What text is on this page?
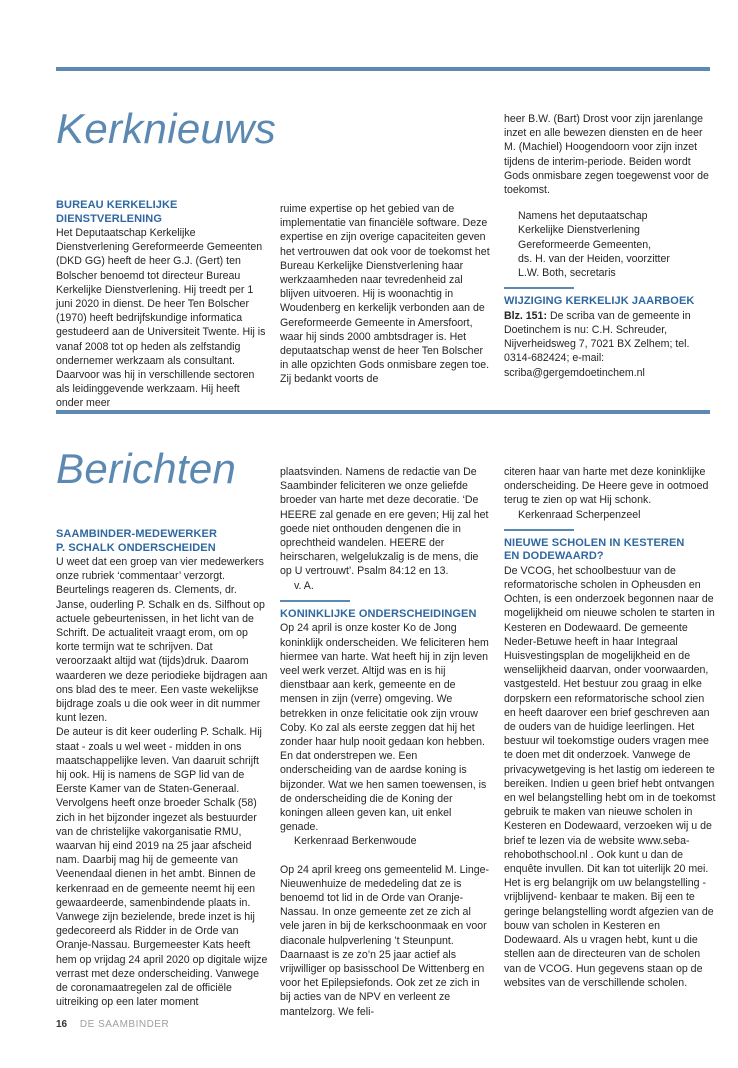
Kerknieuws
BUREAU KERKELIJKE DIENSTVERLENING

Het Deputaatschap Kerkelijke Dienstverlening Gereformeerde Gemeenten (DKD GG) heeft de heer G.J. (Gert) ten Bolscher benoemd tot directeur Bureau Kerkelijke Dienstverlening. Hij treedt per 1 juni 2020 in dienst. De heer Ten Bolscher (1970) heeft bedrijfskundige informatica gestudeerd aan de Universiteit Twente. Hij is vanaf 2008 tot op heden als zelfstandig ondernemer werkzaam als consultant. Daarvoor was hij in verschillende sectoren als leidinggevende werkzaam. Hij heeft onder meer

ruime expertise op het gebied van de implementatie van financiële software. Deze expertise en zijn overige capaciteiten geven het vertrouwen dat ook voor de toekomst het Bureau Kerkelijke Dienstverlening haar werkzaamheden naar tevredenheid zal blijven uitvoeren. Hij is woonachtig in Woudenberg en kerkelijk verbonden aan de Gereformeerde Gemeente in Amersfoort, waar hij sinds 2000 ambtsdrager is. Het deputaatschap wenst de heer Ten Bolscher in alle opzichten Gods onmisbare zegen toe. Zij bedankt voorts de

heer B.W. (Bart) Drost voor zijn jarenlange inzet en alle bewezen diensten en de heer M. (Machiel) Hoogendoorn voor zijn inzet tijdens de interim-periode. Beiden wordt Gods onmisbare zegen toegewenst voor de toekomst.

Namens het deputaatschap

Kerkelijke Dienstverlening

Gereformeerde Gemeenten,

ds. H. van der Heiden, voorzitter

L.W. Both, secretaris

WIJZIGING KERKELIJK JAARBOEK

Blz. 151: De scriba van de gemeente in Doetinchem is nu: C.H. Schreuder, Nijverheidsweg 7, 7021 BX Zelhem; tel. 0314-682424; e-mail: scriba@gergemdoetinchem.nl

Berichten
SAAMBINDER-MEDEWERKER
P. SCHALK ONDERSCHEIDEN

U weet dat een groep van vier medewerkers onze rubriek ‘commentaar’ verzorgt. Beurtelings reageren ds. Clements, dr. Janse, ouderling P. Schalk en ds. Silfhout op actuele gebeurtenissen, in het licht van de Schrift. De actualiteit vraagt erom, om op korte termijn wat te schrijven. Dat veroorzaakt altijd wat (tijds)druk. Daarom waarderen we deze periodieke bijdragen aan ons blad des te meer. Een vaste wekelijkse bijdrage zoals u die ook weer in dit nummer kunt lezen.

De auteur is dit keer ouderling P. Schalk. Hij staat - zoals u wel weet - midden in ons maatschappelijke leven. Van daaruit schrijft hij ook. Hij is namens de SGP lid van de Eerste Kamer van de Staten-Generaal. Vervolgens heeft onze broeder Schalk (58) zich in het bijzonder ingezet als bestuurder van de christelijke vakorganisatie RMU, waarvan hij eind 2019 na 25 jaar afscheid nam. Daarbij mag hij de gemeente van Veenendaal dienen in het ambt. Binnen de kerkenraad en de gemeente neemt hij een gewaardeerde, samenbindende plaats in. Vanwege zijn bezielende, brede inzet is hij gedecoreerd als Ridder in de Orde van Oranje-Nassau. Burgemeester Kats heeft hem op vrijdag 24 april 2020 op digitale wijze verrast met deze onderscheiding. Vanwege de coronamaatregelen zal de officiële uitreiking op een later moment

plaatsvinden. Namens de redactie van De Saambinder feliciteren we onze geliefde broeder van harte met deze decoratie. ‘De HEERE zal genade en ere geven; Hij zal het goede niet onthouden dengenen die in oprechtheid wandelen. HEERE der heirscharen, welgelukzalig is de mens, die op U vertrouwt’. Psalm 84:12 en 13.

v. A.

KONINKLIJKE ONDERSCHEIDINGEN

Op 24 april is onze koster Ko de Jong koninklijk onderscheiden. We feliciteren hem hiermee van harte. Wat heeft hij in zijn leven veel werk verzet. Altijd was en is hij dienstbaar aan kerk, gemeente en de mensen in zijn (verre) omgeving. We betrekken in onze felicitatie ook zijn vrouw Coby. Ko zal als eerste zeggen dat hij het zonder haar hulp nooit gedaan kon hebben. En dat onderstrepen we. Een onderscheiding van de aardse koning is bijzonder. Wat we hen samen toewensen, is de onderscheiding die de Koning der koningen alleen geven kan, uit enkel genade.

Kerkenraad Berkenwoude

Op 24 april kreeg ons gemeentelid M. Linge-Nieuwenhuize de mededeling dat ze is benoemd tot lid in de Orde van Oranje-Nassau. In onze gemeente zet ze zich al vele jaren in bij de kerkschoonmaak en voor diaconale hulpverlening ’t Steunpunt. Daarnaast is ze zo’n 25 jaar actief als vrijwilliger op basisschool De Wittenberg en voor het Epilepsiefonds. Ook zet ze zich in bij acties van de NPV en verleent ze mantelzorg. We feli-

citeren haar van harte met deze koninklijke onderscheiding. De Heere geve in ootmoed terug te zien op wat Hij schonk.

Kerkenraad Scherpenzeel

NIEUWE SCHOLEN IN KESTEREN
EN DODEWAARD?

De VCOG, het schoolbestuur van de reformatorische scholen in Opheusden en Ochten, is een onderzoek begonnen naar de mogelijkheid om nieuwe scholen te starten in Kesteren en Dodewaard. De gemeente Neder-Betuwe heeft in haar Integraal Huisvestingsplan de mogelijkheid en de wenselijkheid daarvan, onder voorwaarden, vastgesteld. Het bestuur zou graag in elke dorpskern een reformatorische school zien en heeft daarover een brief geschreven aan de ouders van de huidige leerlingen. Het bestuur wil toekomstige ouders vragen mee te doen met dit onderzoek. Vanwege de privacywetgeving is het lastig om iedereen te bereiken. Indien u geen brief hebt ontvangen en wel belangstelling hebt om in de toekomst gebruik te maken van nieuwe scholen in Kesteren en Dodewaard, verzoeken wij u de brief te lezen via de website www.seba-rehobothschool.nl . Ook kunt u dan de enquête invullen. Dit kan tot uiterlijk 20 mei. Het is erg belangrijk om uw belangstelling -vrijblijvend- kenbaar te maken. Bij een te geringe belangstelling wordt afgezien van de bouw van scholen in Kesteren en Dodewaard. Als u vragen hebt, kunt u die stellen aan de directeuren van de scholen van de VCOG. Hun gegevens staan op de websites van de verschillende scholen.

16 DE SAAMBINDER
